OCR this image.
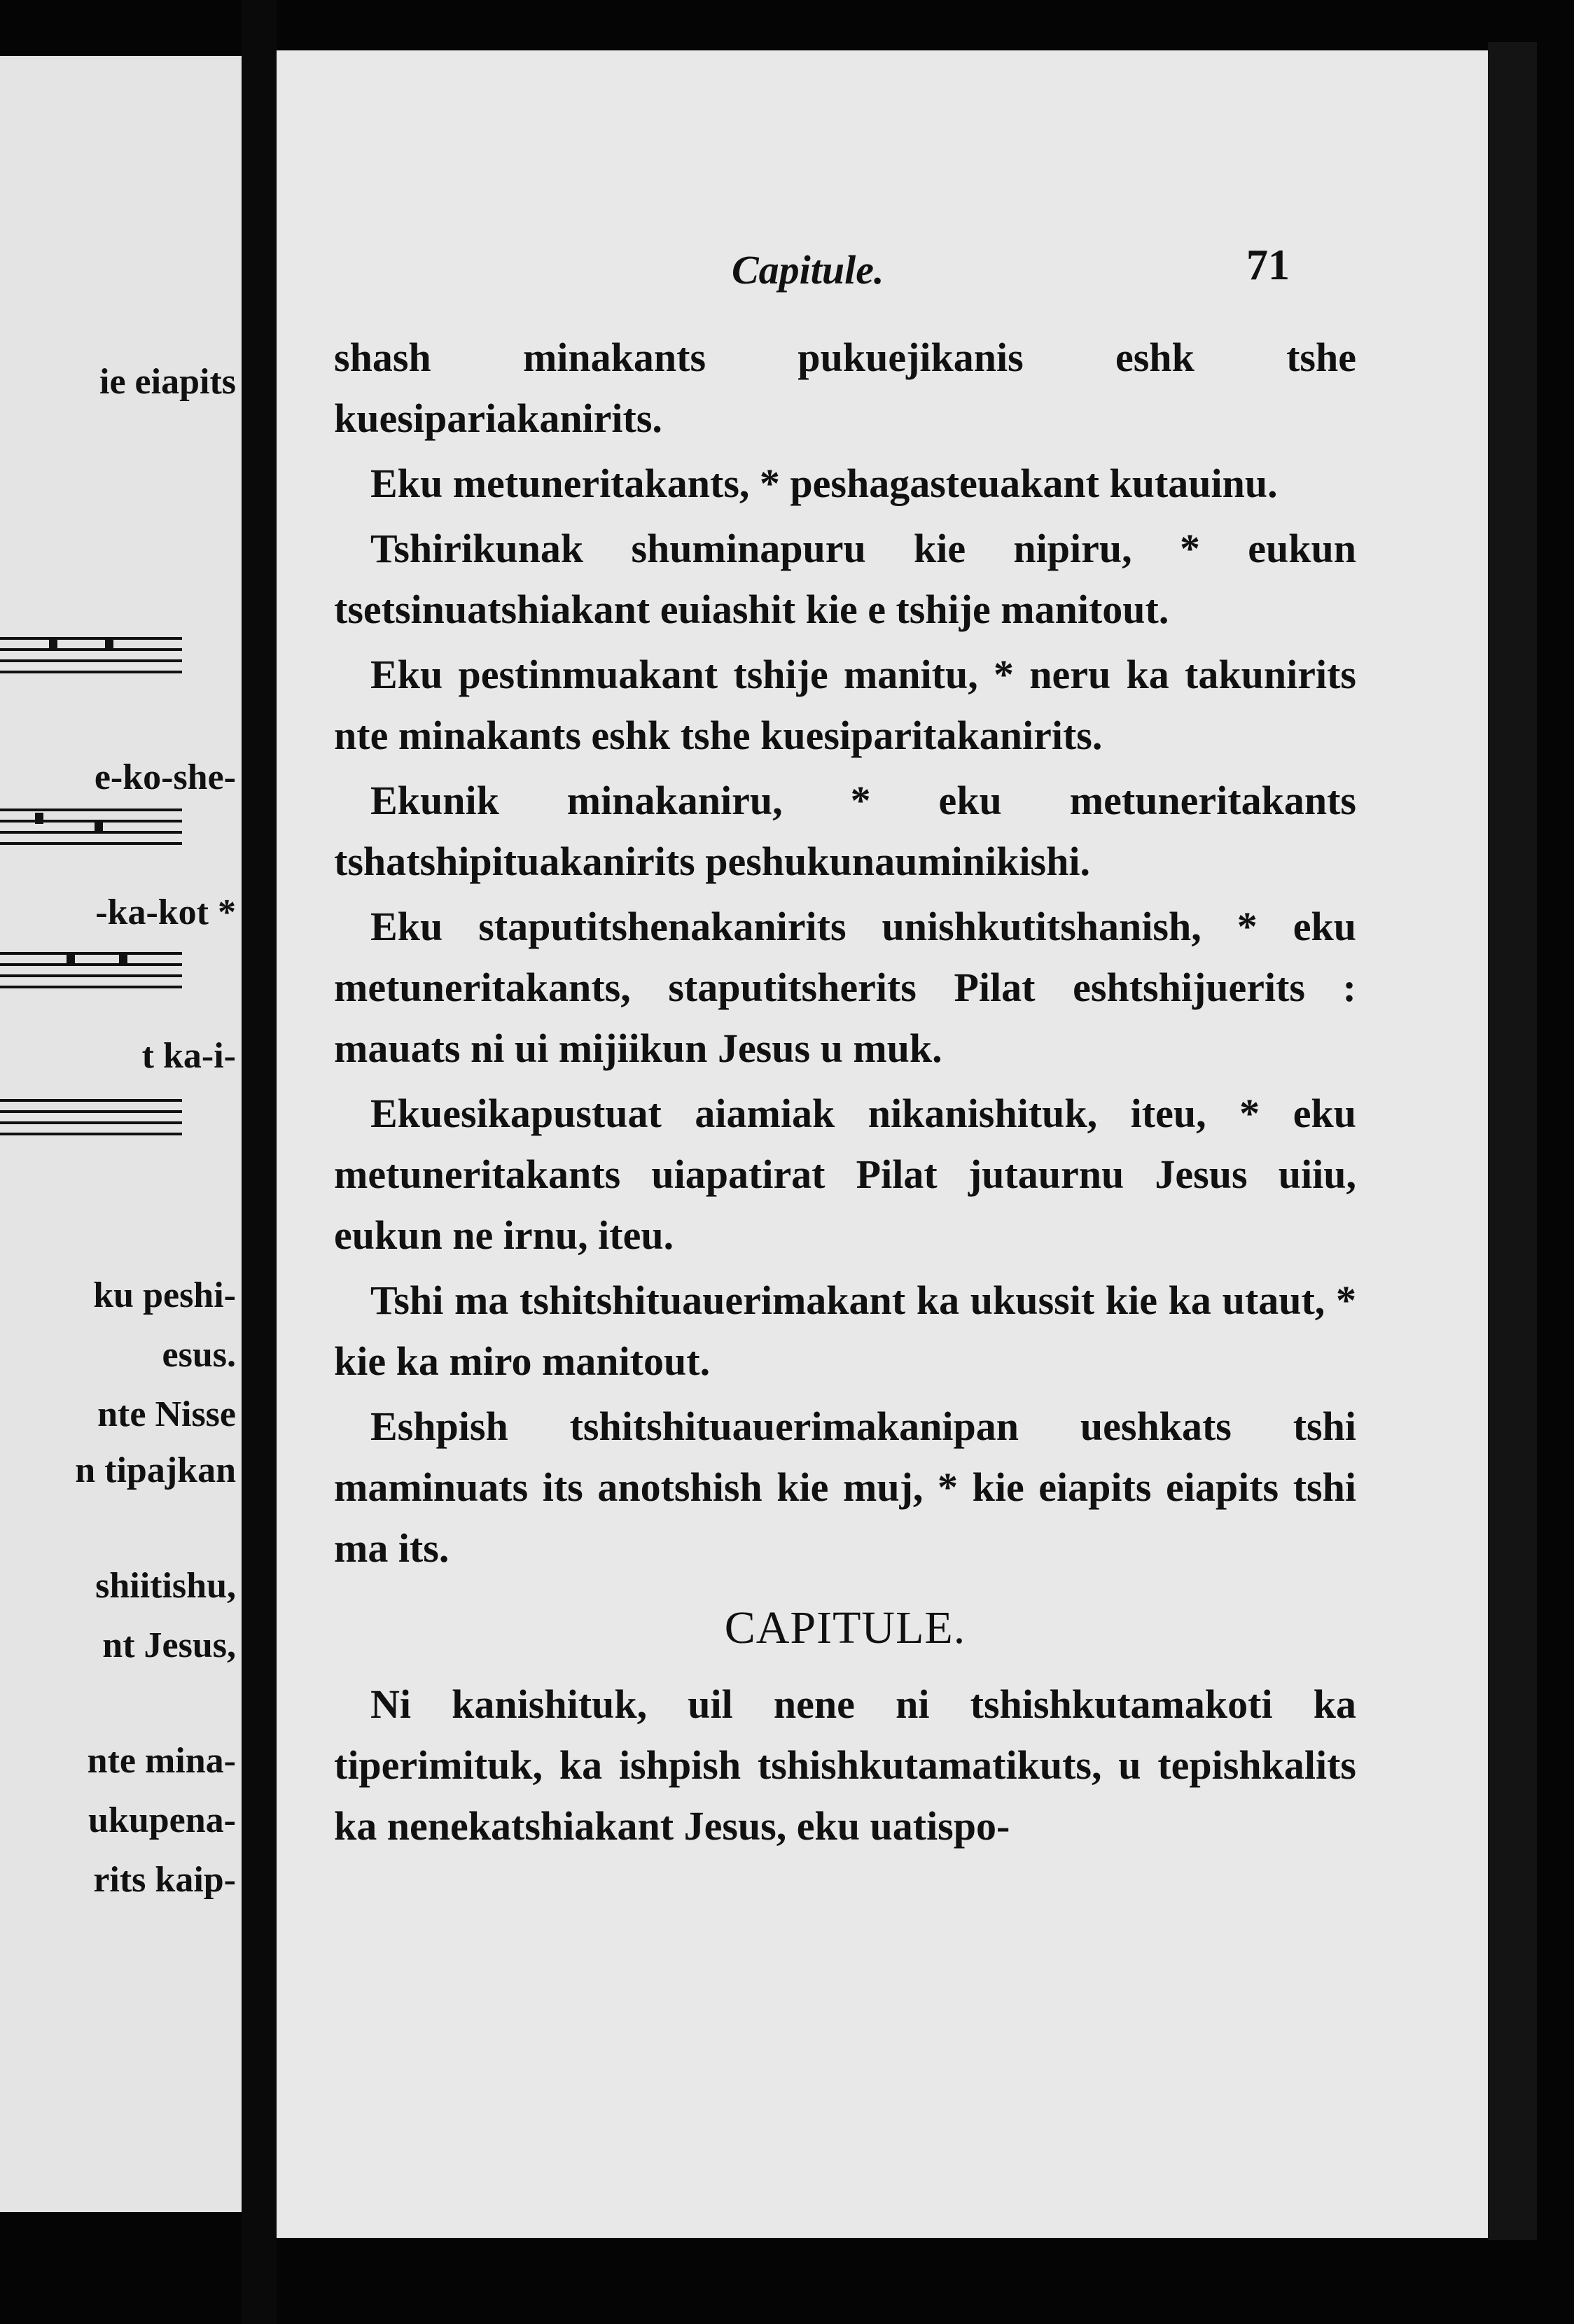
ie eiapits

e-ko-she-

-ka-kot *

t ka-i-

ku peshi-

esus.

nte Nisse

n tipajkan

shiitishu,

nt Jesus,

nte mina-

ukupena-

rits kaip-

Capitule.	71

shash minakants pukuejikanis eshk tshe kuesipariakanirits.

Eku metuneritakants, * peshagasteuakant kutauinu.

Tshirikunak shuminapuru kie nipiru, * eukun tsetsinuatshiakant euiashit kie e tshije manitout.

Eku pestinmuakant tshije manitu, * neru ka takunirits nte minakants eshk tshe kuesiparitakanirits.

Ekunik minakaniru, * eku metuneritakants tshatshipituakanirits peshukunauminikishi.

Eku staputitshenakanirits unishkutitshanish, * eku metuneritakants, staputitsherits Pilat eshtshijuerits : mauats ni ui mijiikun Jesus u muk.

Ekuesikapustuat aiamiak nikanishituk, iteu, * eku metuneritakants uiapatirat Pilat jutaurnu Jesus uiiu, eukun ne irnu, iteu.

Tshi ma tshitshituauerimakant ka ukussit kie ka utaut, * kie ka miro manitout.

Eshpish tshitshituauerimakanipan ueshkats tshi maminuats its anotshish kie muj, * kie eiapits eiapits tshi ma its.

CAPITULE.

Ni kanishituk, uil nene ni tshishkutamakoti ka tiperimituk, ka ishpish tshishkutamatikuts, u tepishkalits ka nenekatshiakant Jesus, eku uatispo-
